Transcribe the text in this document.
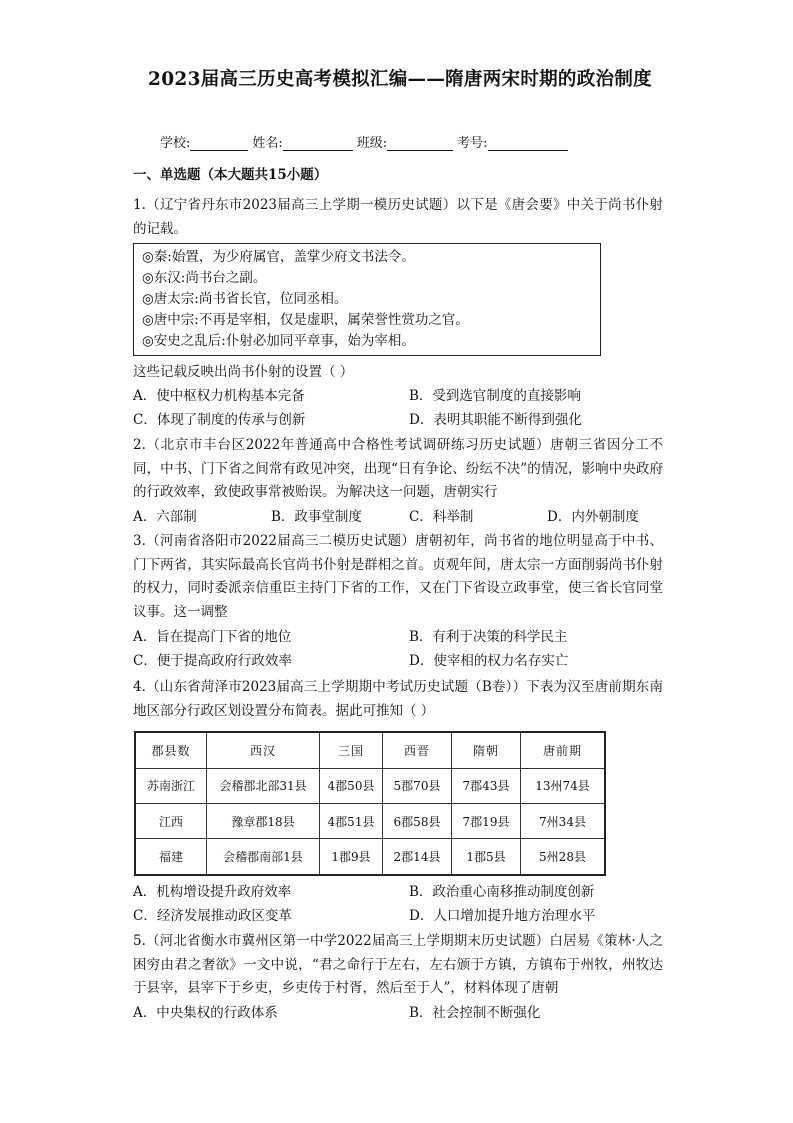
2023届高三历史高考模拟汇编——隋唐两宋时期的政治制度
学校:	姓名:	班级:	考号:
一、单选题（本大题共15小题）
1.（辽宁省丹东市2023届高三上学期一模历史试题）以下是《唐会要》中关于尚书仆射的记载。
◎秦:始置，为少府属官，盖掌少府文书法令。
◎东汉:尚书台之副。
◎唐太宗:尚书省长官，位同丞相。
◎唐中宗:不再是宰相，仅是虚职，属荣誉性赏功之官。
◎安史之乱后:仆射必加同平章事，始为宰相。
这些记载反映出尚书仆射的设置（ ）
A．使中枢权力机构基本完备	B．受到选官制度的直接影响
C．体现了制度的传承与创新	D．表明其职能不断得到强化
2.（北京市丰台区2022年普通高中合格性考试调研练习历史试题）唐朝三省因分工不同，中书、门下省之间常有政见冲突，出现“日有争论、纷纭不决”的情况，影响中央政府的行政效率，致使政事常被贻误。为解决这一问题，唐朝实行
A．六部制	B．政事堂制度	C．科举制	D．内外朝制度
3.（河南省洛阳市2022届高三二模历史试题）唐朝初年，尚书省的地位明显高于中书、门下两省，其实际最高长官尚书仆射是群相之首。贞观年间，唐太宗一方面削弱尚书仆射的权力，同时委派亲信重臣主持门下省的工作，又在门下省设立政事堂，使三省长官同堂议事。这一调整
A．旨在提高门下省的地位	B．有利于决策的科学民主
C．便于提高政府行政效率	D．使宰相的权力名存实亡
4.（山东省菏泽市2023届高三上学期期中考试历史试题（B卷））下表为汉至唐前期东南地区部分行政区划设置分布简表。据此可推知（ ）
郡县数	西汉	三国	西晋	隋朝	唐前期
苏南浙江	会稽郡北部31县	4郡50县	5郡70县	7郡43县	13州74县
江西	豫章郡18县	4郡51县	6郡58县	7郡19县	7州34县
福建	会稽郡南部1县	1郡9县	2郡14县	1郡5县	5州28县
A．机构增设提升政府效率	B．政治重心南移推动制度创新
C．经济发展推动政区变革	D．人口增加提升地方治理水平
5.（河北省衡水市冀州区第一中学2022届高三上学期期末历史试题）白居易《策林·人之困穷由君之奢欲》一文中说，“君之命行于左右，左右颁于方镇，方镇布于州牧，州牧达于县宰，县宰下于乡吏，乡吏传于村胥，然后至于人”，材料体现了唐朝
A．中央集权的行政体系	B．社会控制不断强化
